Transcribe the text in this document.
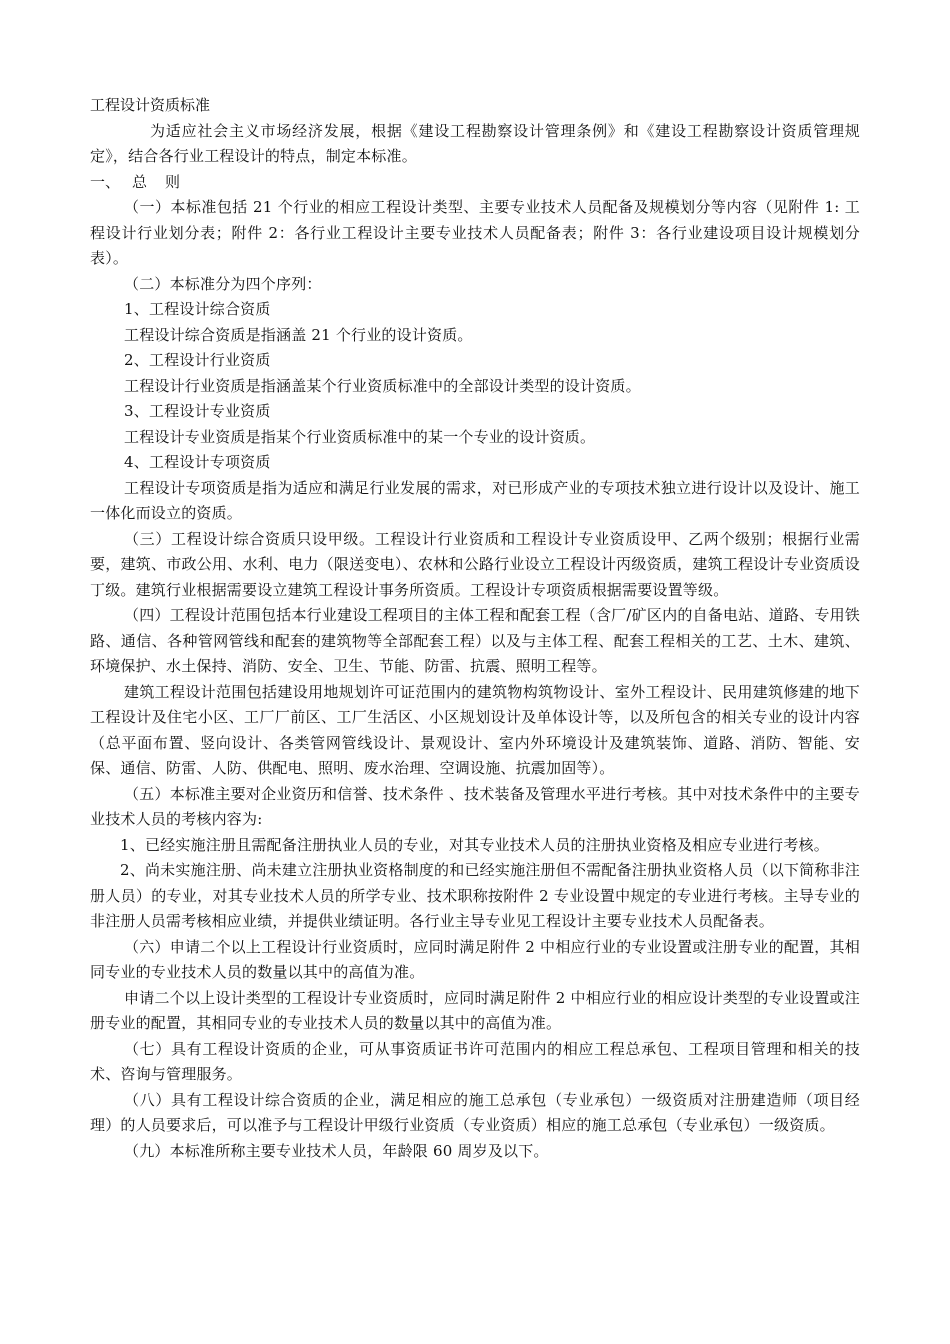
工程设计资质标准

为适应社会主义市场经济发展，根据《建设工程勘察设计管理条例》和《建设工程勘察设计资质管理规定》，结合各行业工程设计的特点，制定本标准。

一、 总则

（一）本标准包括 21 个行业的相应工程设计类型、主要专业技术人员配备及规模划分等内容（见附件 1: 工程设计行业划分表；附件 2：各行业工程设计主要专业技术人员配备表；附件 3：各行业建设项目设计规模划分表）。

（二）本标准分为四个序列：

1、工程设计综合资质

工程设计综合资质是指涵盖 21 个行业的设计资质。

2、工程设计行业资质

工程设计行业资质是指涵盖某个行业资质标准中的全部设计类型的设计资质。

3、工程设计专业资质

工程设计专业资质是指某个行业资质标准中的某一个专业的设计资质。

4、工程设计专项资质

工程设计专项资质是指为适应和满足行业发展的需求，对已形成产业的专项技术独立进行设计以及设计、施工一体化而设立的资质。

（三）工程设计综合资质只设甲级。工程设计行业资质和工程设计专业资质设甲、乙两个级别；根据行业需要，建筑、市政公用、水利、电力（限送变电）、农林和公路行业设立工程设计丙级资质，建筑工程设计专业资质设丁级。建筑行业根据需要设立建筑工程设计事务所资质。工程设计专项资质根据需要设置等级。

（四）工程设计范围包括本行业建设工程项目的主体工程和配套工程（含厂/矿区内的自备电站、道路、专用铁路、通信、各种管网管线和配套的建筑物等全部配套工程）以及与主体工程、配套工程相关的工艺、土木、建筑、环境保护、水土保持、消防、安全、卫生、节能、防雷、抗震、照明工程等。

建筑工程设计范围包括建设用地规划许可证范围内的建筑物构筑物设计、室外工程设计、民用建筑修建的地下工程设计及住宅小区、工厂厂前区、工厂生活区、小区规划设计及单体设计等，以及所包含的相关专业的设计内容（总平面布置、竖向设计、各类管网管线设计、景观设计、室内外环境设计及建筑装饰、道路、消防、智能、安保、通信、防雷、人防、供配电、照明、废水治理、空调设施、抗震加固等）。

（五）本标准主要对企业资历和信誉、技术条件 、技术装备及管理水平进行考核。其中对技术条件中的主要专业技术人员的考核内容为:

1、已经实施注册且需配备注册执业人员的专业，对其专业技术人员的注册执业资格及相应专业进行考核。

2、尚未实施注册、尚未建立注册执业资格制度的和已经实施注册但不需配备注册执业资格人员（以下简称非注册人员）的专业，对其专业技术人员的所学专业、技术职称按附件 2 专业设置中规定的专业进行考核。主导专业的非注册人员需考核相应业绩，并提供业绩证明。各行业主导专业见工程设计主要专业技术人员配备表。

（六）申请二个以上工程设计行业资质时，应同时满足附件 2 中相应行业的专业设置或注册专业的配置，其相同专业的专业技术人员的数量以其中的高值为准。

申请二个以上设计类型的工程设计专业资质时，应同时满足附件 2 中相应行业的相应设计类型的专业设置或注册专业的配置，其相同专业的专业技术人员的数量以其中的高值为准。

（七）具有工程设计资质的企业，可从事资质证书许可范围内的相应工程总承包、工程项目管理和相关的技术、咨询与管理服务。

（八）具有工程设计综合资质的企业，满足相应的施工总承包（专业承包）一级资质对注册建造师（项目经理）的人员要求后，可以准予与工程设计甲级行业资质（专业资质）相应的施工总承包（专业承包）一级资质。

（九）本标准所称主要专业技术人员，年龄限 60 周岁及以下。
